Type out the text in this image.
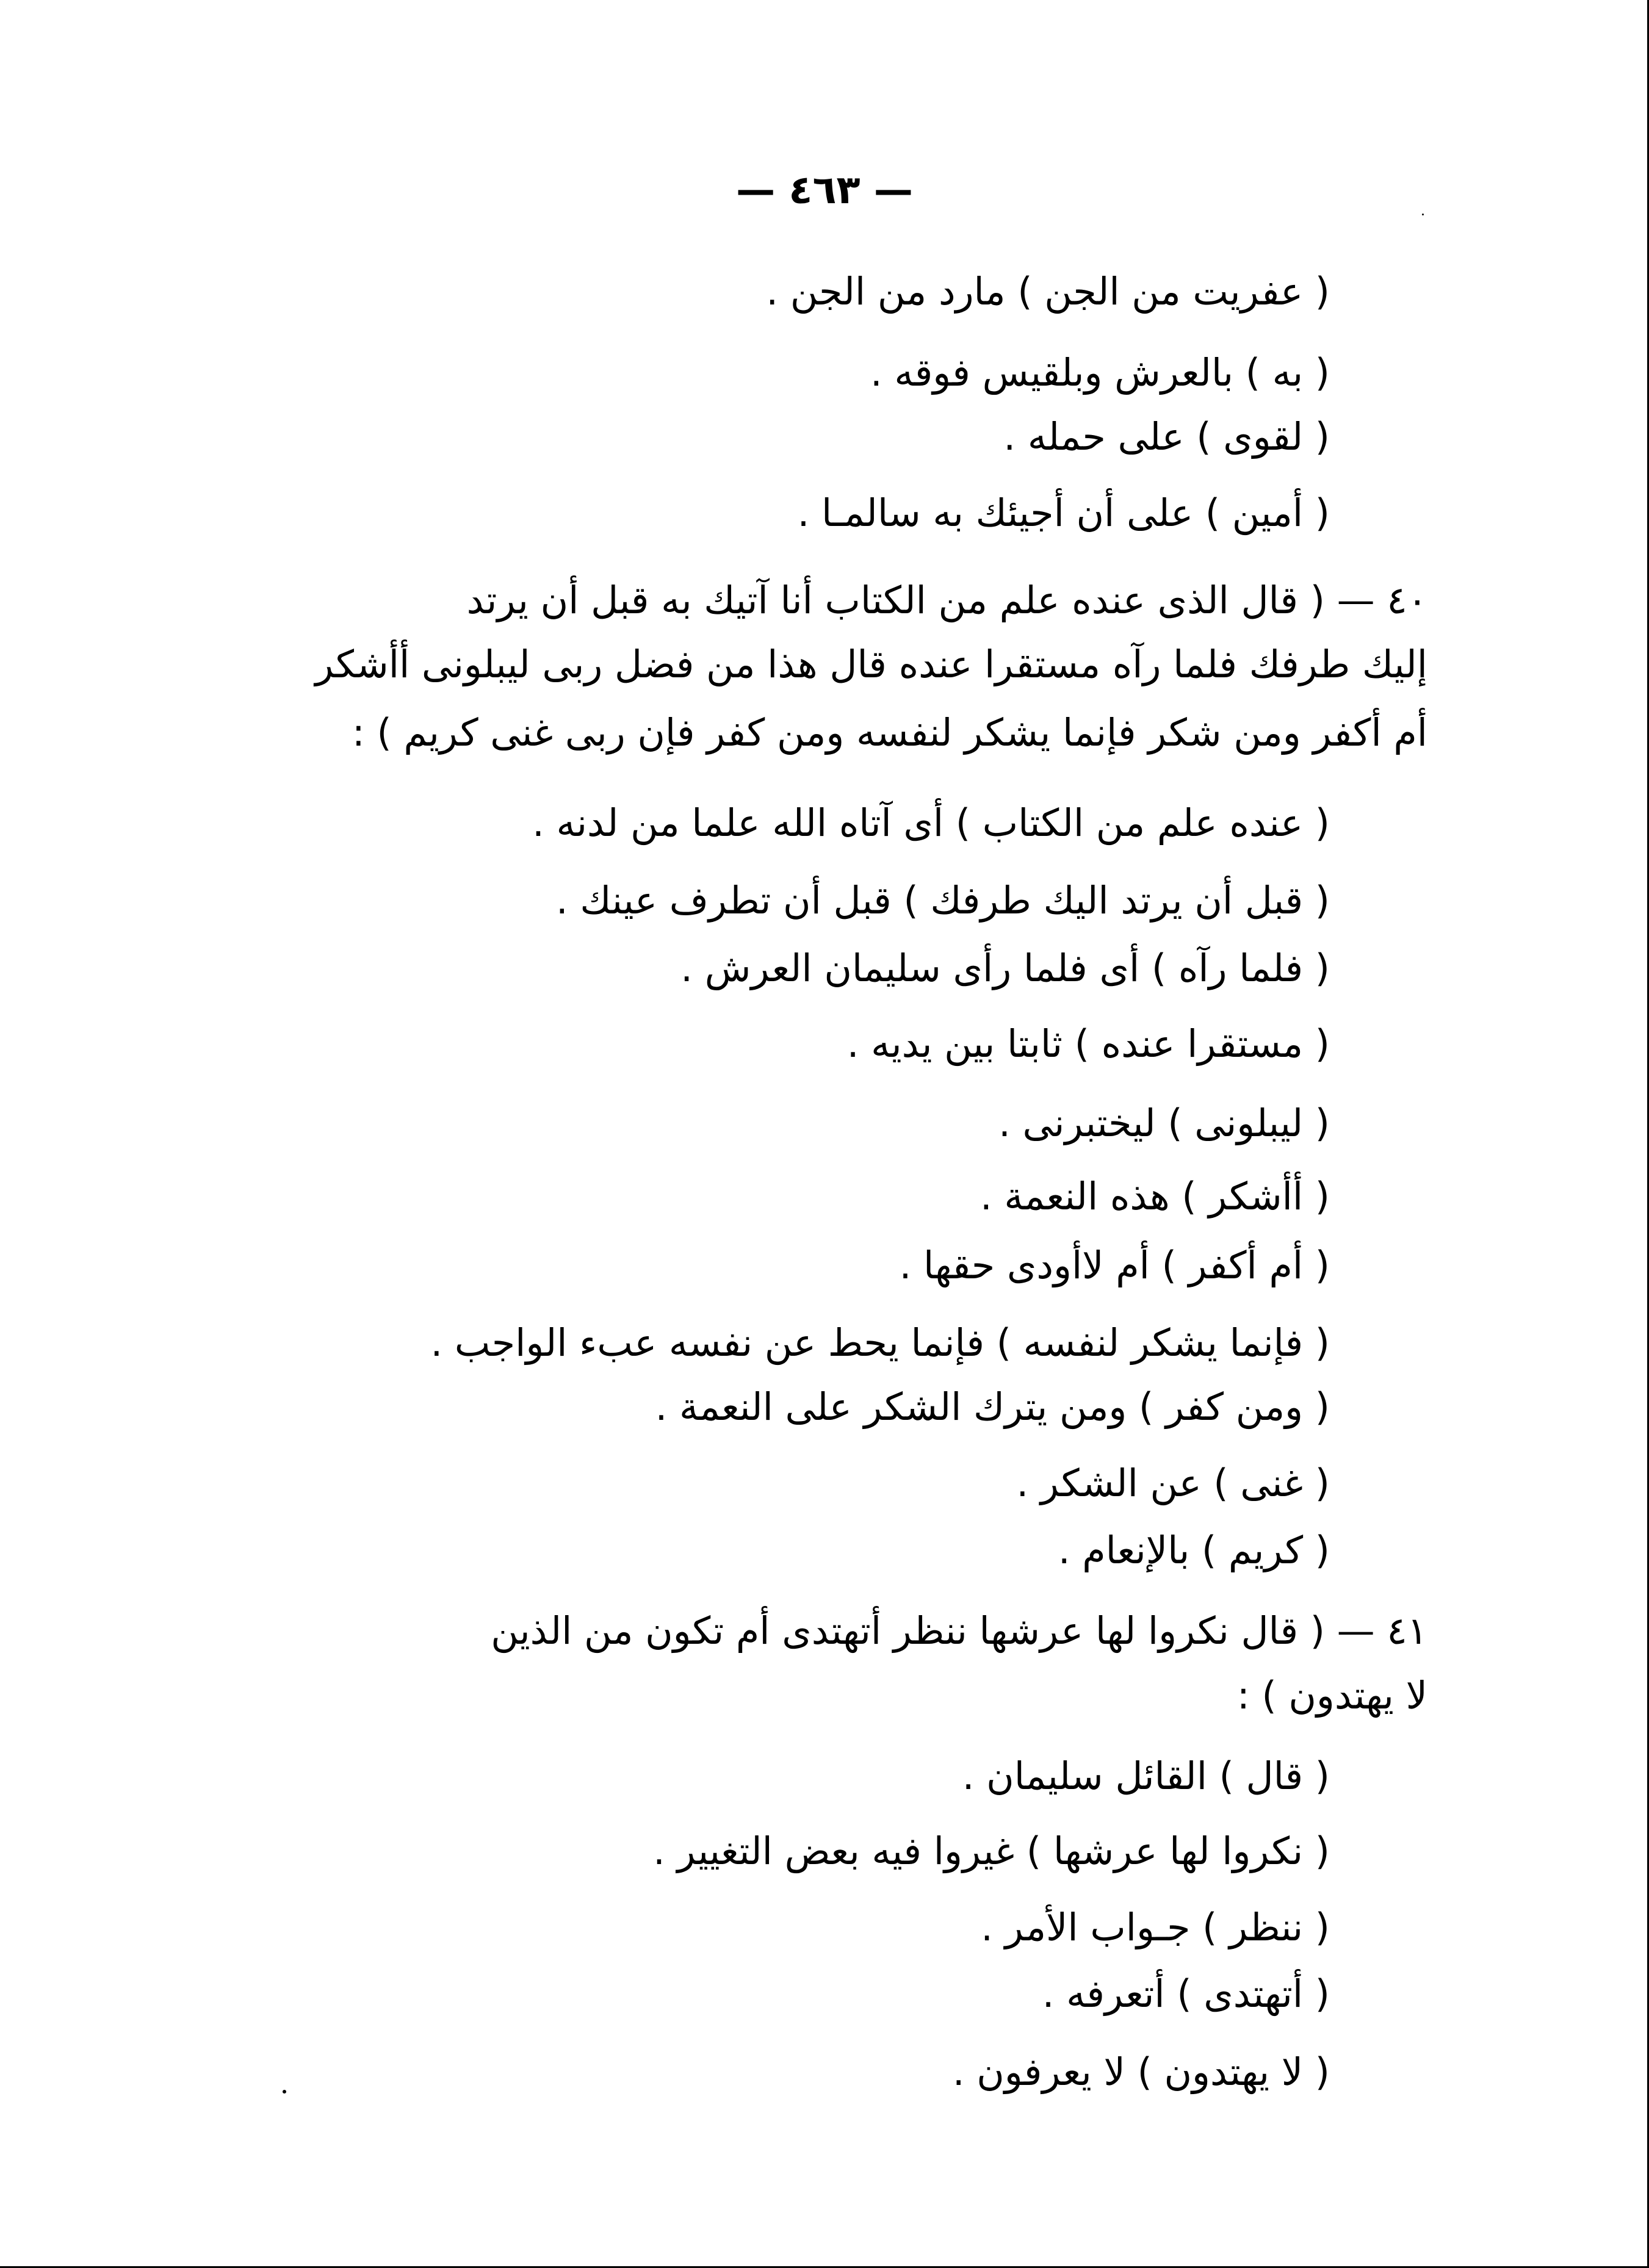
— ٤٦٣ —
( عفريت من الجن ) مارد من الجن .
( به ) بالعرش وبلقيس فوقه .
( لقوى ) على حمله .
( أمين ) على أن أجيئك به سالمـا .
٤٠ — ( قال الذى عنده علم من الكتاب أنا آتيك به قبل أن يرتد
إليك طرفك فلما رآه مستقرا عنده قال هذا من فضل ربى ليبلونى أأشكر
أم أكفر ومن شكر فإنما يشكر لنفسه ومن كفر فإن ربى غنى كريم ) :
( عنده علم من الكتاب ) أى آتاه الله علما من لدنه .
( قبل أن يرتد اليك طرفك ) قبل أن تطرف عينك .
( فلما رآه ) أى فلما رأى سليمان العرش .
( مستقرا عنده ) ثابتا بين يديه .
( ليبلونى ) ليختبرنى .
( أأشكر ) هذه النعمة .
( أم أكفر ) أم لاأودى حقها .
( فإنما يشكر لنفسه ) فإنما يحط عن نفسه عبء الواجب .
( ومن كفر ) ومن يترك الشكر على النعمة .
( غنى ) عن الشكر .
( كريم ) بالإنعام .
٤١ — ( قال نكروا لها عرشها ننظر أتهتدى أم تكون من الذين
لا يهتدون ) :
( قال ) القائل سليمان .
( نكروا لها عرشها ) غيروا فيه بعض التغيير .
( ننظر ) جـواب الأمر .
( أتهتدى ) أتعرفه .
( لا يهتدون ) لا يعرفون .
